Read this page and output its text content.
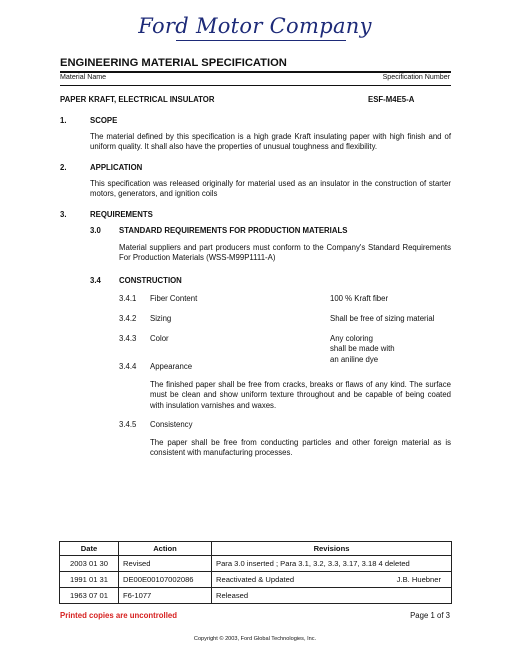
Ford Motor Company
ENGINEERING MATERIAL SPECIFICATION
Material Name	Specification Number
PAPER KRAFT, ELECTRICAL INSULATOR	ESF-M4E5-A
1.	SCOPE
The material defined by this specification is a high grade Kraft insulating paper with high finish and of uniform quality. It shall also have the properties of unusual toughness and flexibility.
2.	APPLICATION
This specification was released originally for material used as an insulator in the construction of starter motors, generators, and ignition coils
3.	REQUIREMENTS
3.0 STANDARD REQUIREMENTS FOR PRODUCTION MATERIALS
Material suppliers and part producers must conform to the Company's Standard Requirements For Production Materials (WSS-M99P1111-A)
3.4 CONSTRUCTION
3.4.1 Fiber Content	100 % Kraft fiber
3.4.2 Sizing	Shall be free of sizing material
3.4.3 Color	Any coloring
shall be made with
an aniline dye
3.4.4 Appearance
The finished paper shall be free from cracks, breaks or flaws of any kind. The surface must be clean and show uniform texture throughout and be capable of being coated with insulation varnishes and waxes.
3.4.5 Consistency
The paper shall be free from conducting particles and other foreign material as is consistent with manufacturing processes.
Date	Action	Revisions
2003 01 30	Revised	Para 3.0 inserted ; Para 3.1, 3.2, 3.3, 3.17, 3.18 4 deleted
1991 01 31	DE00E00107002086	Reactivated & Updated J.B. Huebner

1963 07 01	F6-1077	Released
Printed copies are uncontrolled	Page 1 of 3
Copyright © 2003, Ford Global Technologies, Inc.
